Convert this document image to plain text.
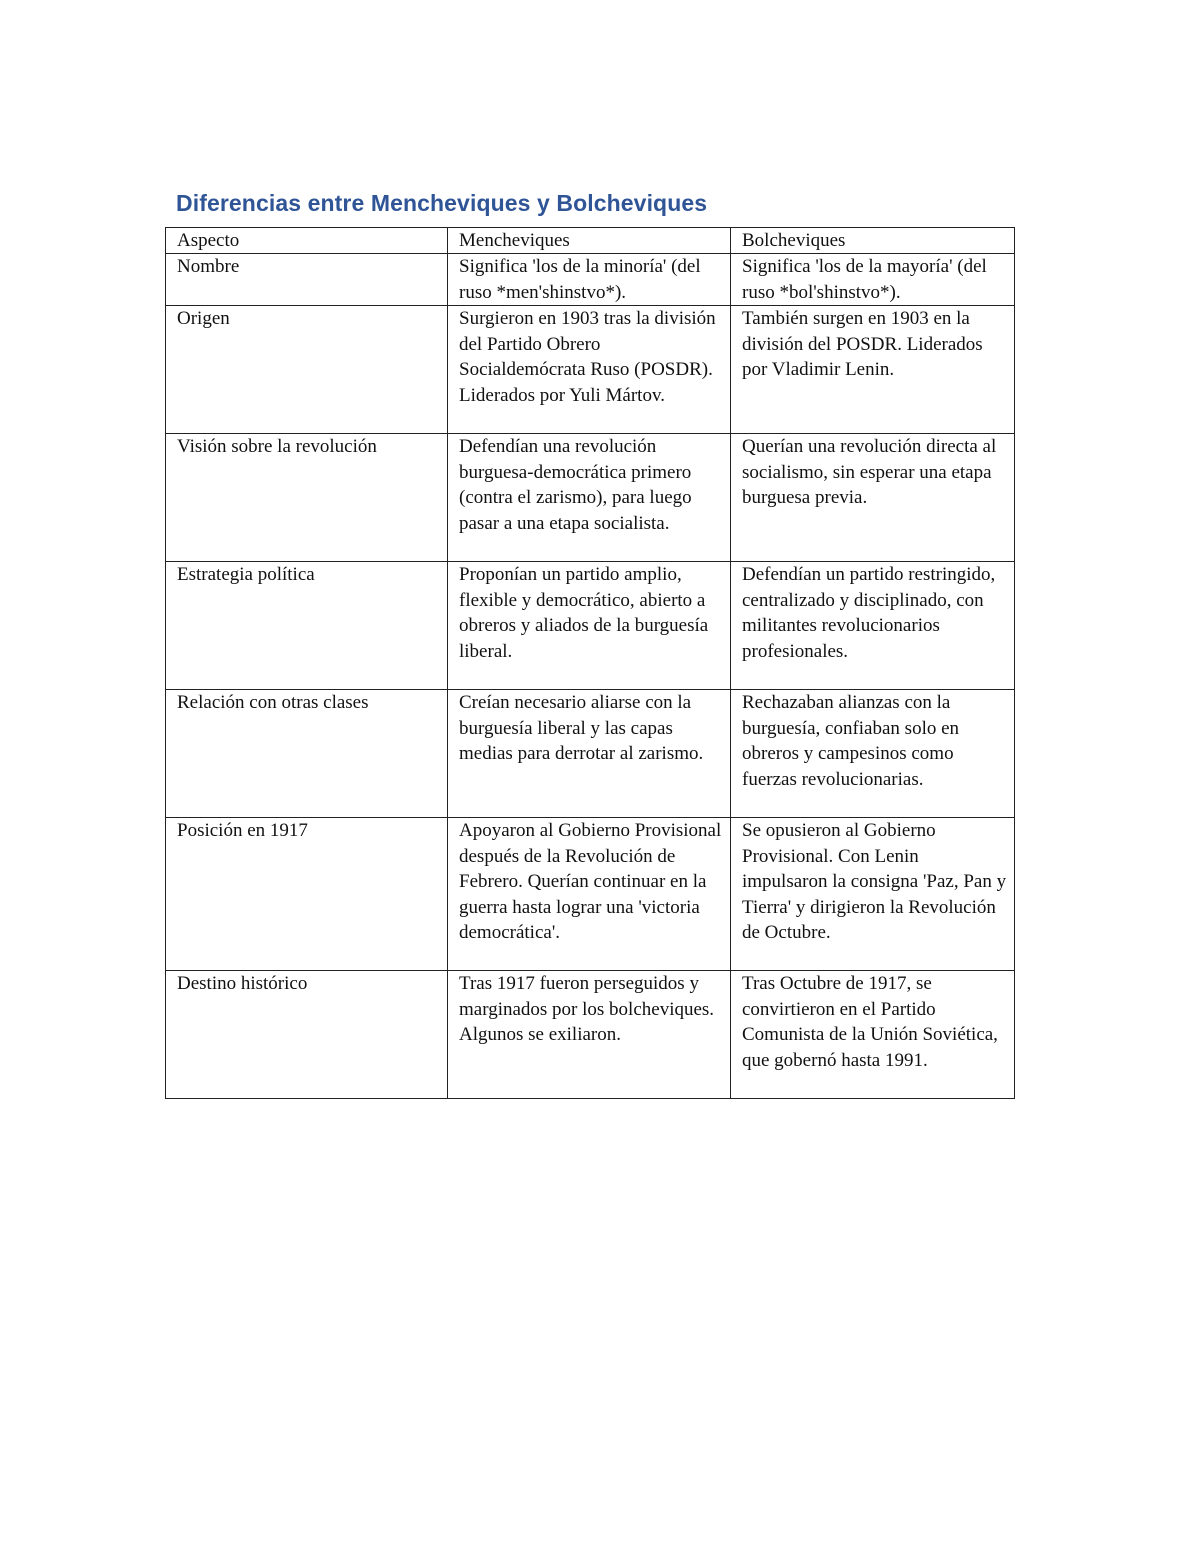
Diferencias entre Mencheviques y Bolcheviques
Aspecto	Mencheviques	Bolcheviques
Nombre	Significa 'los de la minoría' (del ruso *men'shinstvo*).	Significa 'los de la mayoría' (del ruso *bol'shinstvo*).
Origen	Surgieron en 1903 tras la división del Partido Obrero Socialdemócrata Ruso (POSDR). Liderados por Yuli Mártov.	También surgen en 1903 en la división del POSDR. Liderados por Vladimir Lenin.
Visión sobre la revolución	Defendían una revolución burguesa-democrática primero (contra el zarismo), para luego pasar a una etapa socialista.	Querían una revolución directa al socialismo, sin esperar una etapa burguesa previa.
Estrategia política	Proponían un partido amplio, flexible y democrático, abierto a obreros y aliados de la burguesía liberal.	Defendían un partido restringido, centralizado y disciplinado, con militantes revolucionarios profesionales.
Relación con otras clases	Creían necesario aliarse con la burguesía liberal y las capas medias para derrotar al zarismo.	Rechazaban alianzas con la burguesía, confiaban solo en obreros y campesinos como fuerzas revolucionarias.
Posición en 1917	Apoyaron al Gobierno Provisional después de la Revolución de Febrero. Querían continuar en la guerra hasta lograr una 'victoria democrática'.	Se opusieron al Gobierno Provisional. Con Lenin impulsaron la consigna 'Paz, Pan y Tierra' y dirigieron la Revolución de Octubre.
Destino histórico	Tras 1917 fueron perseguidos y marginados por los bolcheviques. Algunos se exiliaron.	Tras Octubre de 1917, se convirtieron en el Partido Comunista de la Unión Soviética, que gobernó hasta 1991.
